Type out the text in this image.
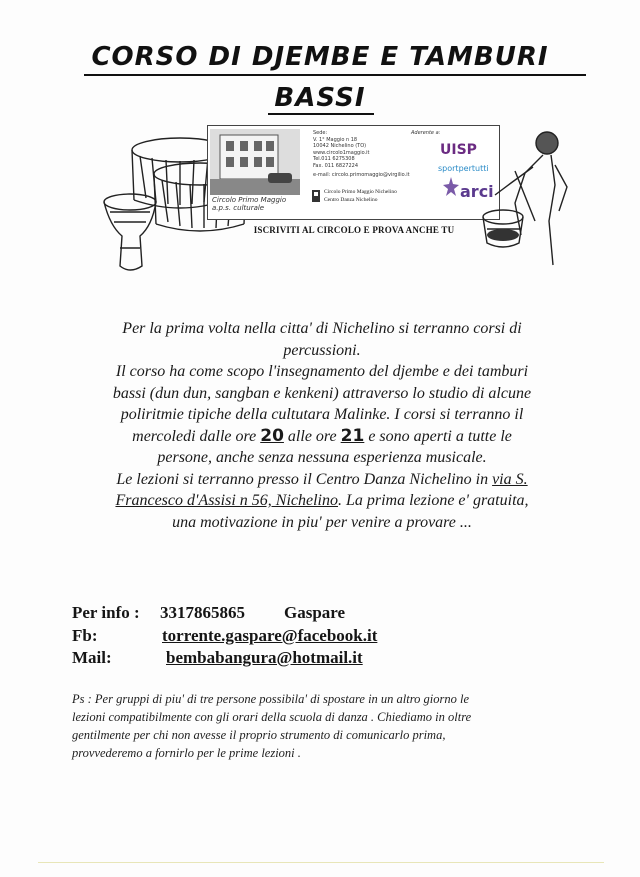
CORSO DI DJEMBE E TAMBURI
BASSI
Circolo Primo Maggio a.p.s. culturale
Sede:
V. 1° Maggio n 18
10042 Nichelino (TO)
www.circolo1maggio.it
Tel.011 6275308
Fax. 011 6827224
e-mail: circolo.primomaggio@virgilio.it
Circolo Primo Maggio Nichelino
Centro Danza Nichelino
Aderente a:
UISP
sportpertutti
arci
ISCRIVITI AL CIRCOLO E PROVA ANCHE TU

Per la prima volta nella citta' di Nichelino si terranno corsi di

percussioni.

Il corso ha come scopo l'insegnamento del djembe e dei tamburi

bassi (dun dun, sangban e kenkeni) attraverso lo studio di alcune

poliritmie tipiche della cultutara Malinke. I corsi si terranno il

mercoledi dalle ore 20 alle ore 21 e sono aperti a tutte le

persone, anche senza nessuna esperienza musicale.

Le lezioni si terranno presso il Centro Danza Nichelino in via S.

Francesco d'Assisi n 56, Nichelino. La prima lezione e' gratuita,

una motivazione in piu' per venire a provare ...

Per info : 3317865865 Gaspare
Fb:	torrente.gaspare@facebook.it
Mail:	bembabangura@hotmail.it
Ps : Per gruppi di piu' di tre persone possibila' di spostare in un altro giorno le
lezioni compatibilmente con gli orari della scuola di danza . Chiediamo in oltre
gentilmente per chi non avesse il proprio strumento di comunicarlo prima,
provvederemo a fornirlo per le prime lezioni .
